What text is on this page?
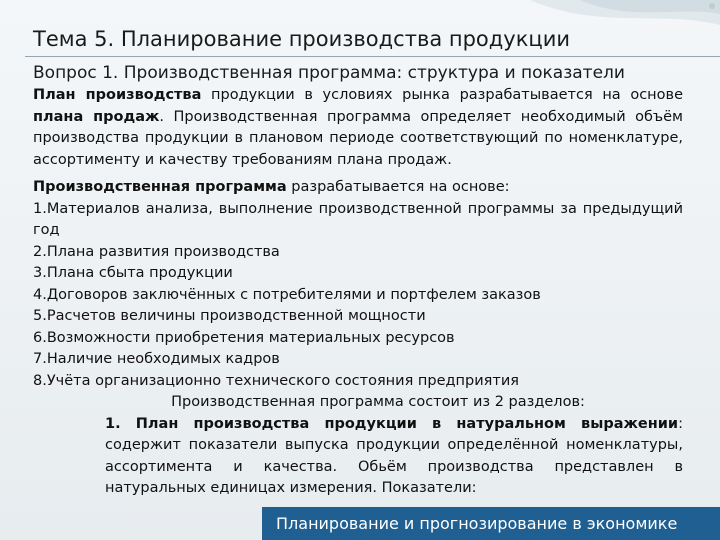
Тема 5. Планирование производства продукции
Вопрос 1. Производственная программа: структура и показатели

План производства продукции в условиях рынка разрабатывается на основе плана продаж. Производственная программа определяет необходимый объём производства продукции в плановом периоде соответствующий по номенклатуре, ассортименту и качеству требованиям плана продаж.

Производственная программа разрабатывается на основе:

1.Материалов анализа, выполнение производственной программы за предыдущий год

2.Плана развития производства

3.Плана сбыта продукции

4.Договоров заключённых с потребителями и портфелем заказов

5.Расчетов величины производственной мощности

6.Возможности приобретения материальных ресурсов

7.Наличие необходимых кадров

8.Учёта организационно технического состояния предприятия

Производственная программа состоит из 2 разделов:

1. План производства продукции в натуральном выражении: содержит показатели выпуска продукции определённой номенклатуры, ассортимента и качества. Обьём производства представлен в натуральных единицах измерения. Показатели:

Планирование и прогнозирование в экономике
